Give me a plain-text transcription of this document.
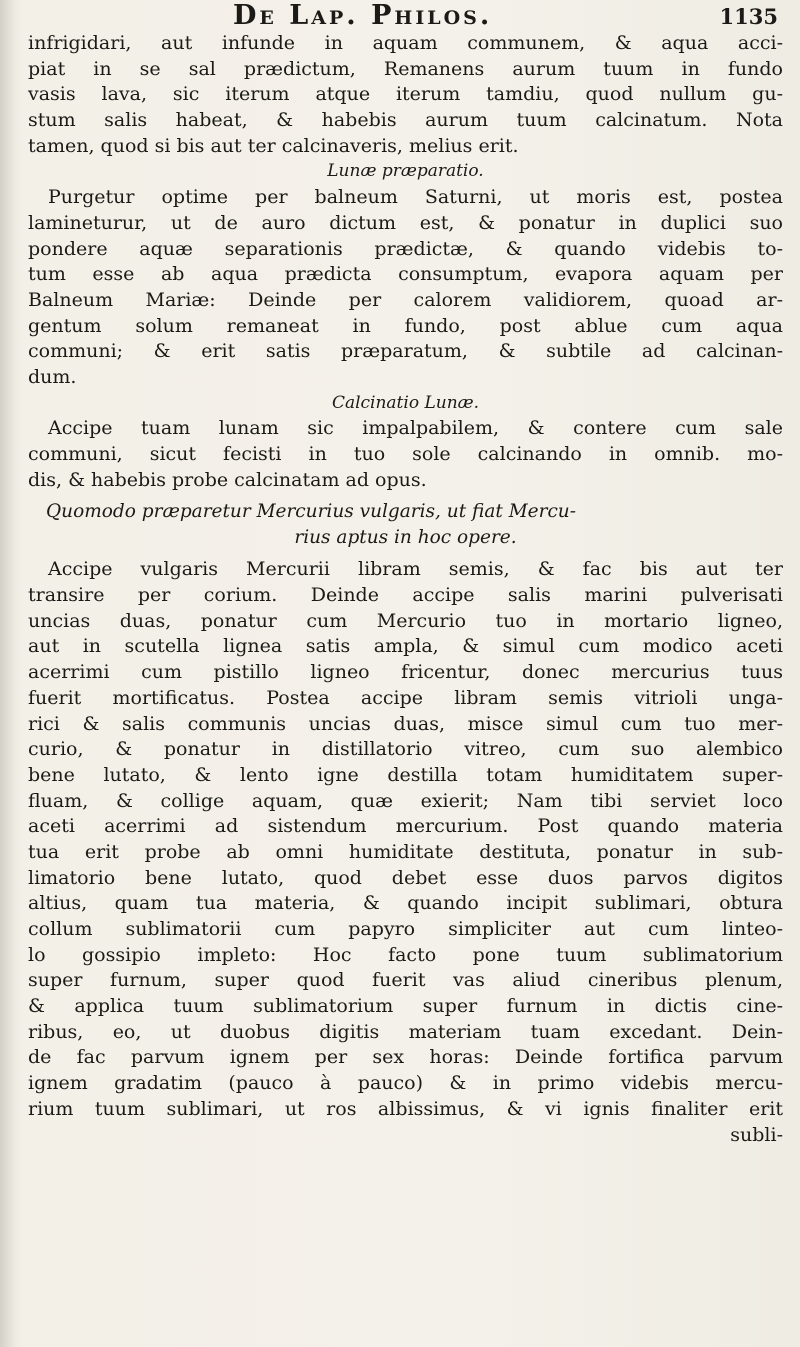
De Lap. Philos.	1135
infrigidari, aut infunde in aquam communem, & aqua acci-
piat in se sal prædictum, Remanens aurum tuum in fundo
vasis lava, sic iterum atque iterum tamdiu, quod nullum gu-
stum salis habeat, & habebis aurum tuum calcinatum. Nota
tamen, quod si bis aut ter calcinaveris, melius erit.
Lunæ præparatio.
Purgetur optime per balneum Saturni, ut moris est, postea
lamineturur, ut de auro dictum est, & ponatur in duplici suo
pondere aquæ separationis prædictæ, & quando videbis to-
tum esse ab aqua prædicta consumptum, evapora aquam per
Balneum Mariæ: Deinde per calorem validiorem, quoad ar-
gentum solum remaneat in fundo, post ablue cum aqua
communi; & erit satis præparatum, & subtile ad calcinan-
dum.
Calcinatio Lunæ.
Accipe tuam lunam sic impalpabilem, & contere cum sale
communi, sicut fecisti in tuo sole calcinando in omnib. mo-
dis, & habebis probe calcinatam ad opus.
Quomodo præparetur Mercurius vulgaris, ut fiat Mercu-
rius aptus in hoc opere.
Accipe vulgaris Mercurii libram semis, & fac bis aut ter
transire per corium. Deinde accipe salis marini pulverisati
uncias duas, ponatur cum Mercurio tuo in mortario ligneo,
aut in scutella lignea satis ampla, & simul cum modico aceti
acerrimi cum pistillo ligneo fricentur, donec mercurius tuus
fuerit mortificatus. Postea accipe libram semis vitrioli unga-
rici & salis communis uncias duas, misce simul cum tuo mer-
curio, & ponatur in distillatorio vitreo, cum suo alembico
bene lutato, & lento igne destilla totam humiditatem super-
fluam, & collige aquam, quæ exierit; Nam tibi serviet loco
aceti acerrimi ad sistendum mercurium. Post quando materia
tua erit probe ab omni humiditate destituta, ponatur in sub-
limatorio bene lutato, quod debet esse duos parvos digitos
altius, quam tua materia, & quando incipit sublimari, obtura
collum sublimatorii cum papyro simpliciter aut cum linteo-
lo gossipio impleto: Hoc facto pone tuum sublimatorium
super furnum, super quod fuerit vas aliud cineribus plenum,
& applica tuum sublimatorium super furnum in dictis cine-
ribus, eo, ut duobus digitis materiam tuam excedant. Dein-
de fac parvum ignem per sex horas: Deinde fortifica parvum
ignem gradatim (pauco à pauco) & in primo videbis mercu-
rium tuum sublimari, ut ros albissimus, & vi ignis finaliter erit
subli-
